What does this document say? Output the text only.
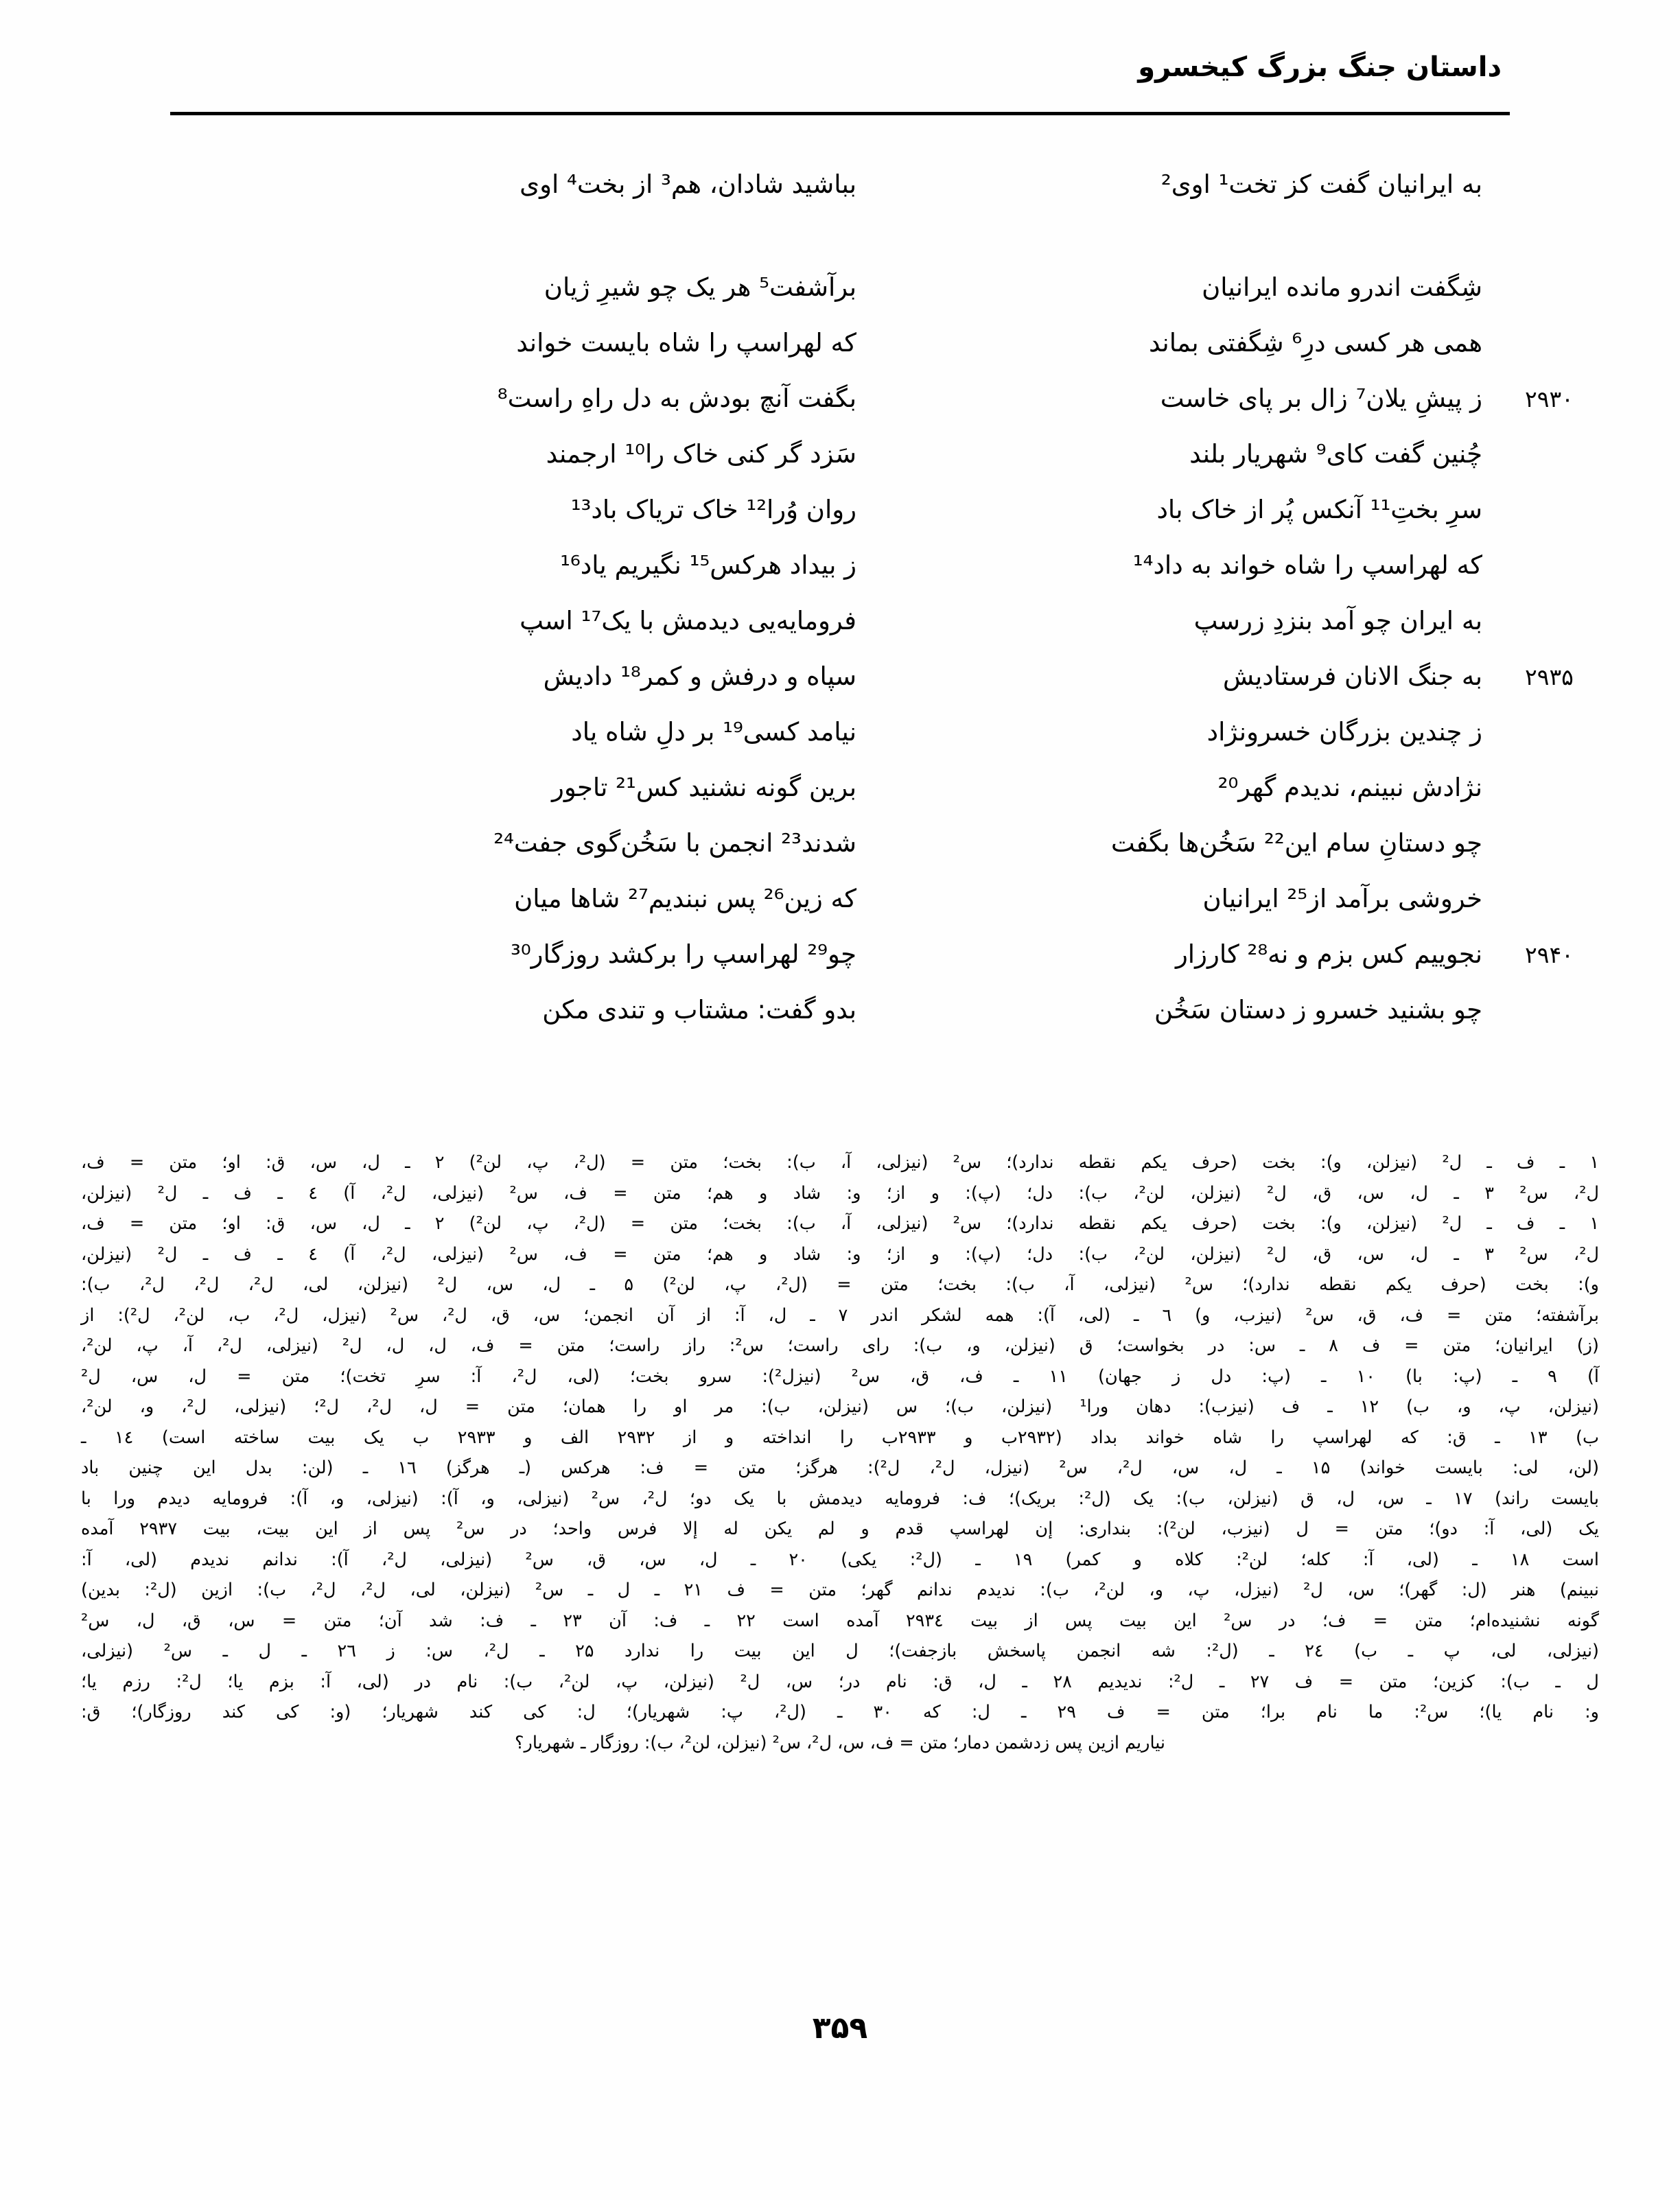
داستان جنگ بزرگ کیخسرو
به ایرانیان گفت کز تخت¹ اوی²
بباشید شادان، هم³ از بخت⁴ اوی
شِگفت اندرو مانده ایرانیان
برآشفت⁵ هر یک چو شیرِ ژیان
همی هر کسی درِ⁶ شِگفتی بماند
که لهراسپ را شاه بایست خواند
۲۹۳۰
ز پیشِ یلان⁷ زال بر پای خاست
بگفت آنچ بودش به دل راهِ راست⁸
چُنین گفت کای⁹ شهریار بلند
سَزد گر کنی خاک را¹⁰ ارجمند
سرِ بختِ¹¹ آنکس پُر از خاک باد
روان وُرا¹² خاک تریاک باد¹³
که لهراسپ را شاه خواند به داد¹⁴
ز بیداد هرکس¹⁵ نگیریم یاد¹⁶
به ایران چو آمد بنزدِ زرسپ
فرومایه‌یی دیدمش با یک¹⁷ اسپ
۲۹۳۵
به جنگ الانان فرستادیش
سپاه و درفش و کمر¹⁸ دادیش
ز چندین بزرگان خسرونژاد
نیامد کسی¹⁹ بر دلِ شاه یاد
نژادش نبینم، ندیدم گهر²⁰
برین گونه نشنید کس²¹ تاجور
چو دستانِ سام این²² سَخُن‌ها بگفت
شدند²³ انجمن با سَخُن‌گوی جفت²⁴
خروشی برآمد از²⁵ ایرانیان
که زین²⁶ پس نبندیم²⁷ شاها میان
۲۹۴۰
نجوییم کس بزم و نه²⁸ کارزار
چو²⁹ لهراسپ را برکشد روزگار³⁰
چو بشنید خسرو ز دستان سَخُن
بدو گفت: مشتاب و تندی مکن

۱ ـ ف ـ ل² (نیزلن، و): بخت (حرف یکم نقطه ندارد)؛ س² (نیزلی، آ، ب): بخت؛ متن = (ل²، پ، لن²) ۲ ـ ل، س، ق: او؛ متن = ف،

ل²، س² ۳ ـ ل، س، ق، ل² (نیزلن، لن²، ب): دل؛ (پ): و از؛ و: شاد و هم؛ متن = ف، س² (نیزلی، ل²، آ) ٤ ـ ف ـ ل² (نیزلن،

۱ ـ ف ـ ل² (نیزلن، و): بخت (حرف یکم نقطه ندارد)؛ س² (نیزلی، آ، ب): بخت؛ متن = (ل²، پ، لن²) ۲ ـ ل، س، ق: او؛ متن = ف،

ل²، س² ۳ ـ ل، س، ق، ل² (نیزلن، لن²، ب): دل؛ (پ): و از؛ و: شاد و هم؛ متن = ف، س² (نیزلی، ل²، آ) ٤ ـ ف ـ ل² (نیزلن،

و): بخت (حرف یکم نقطه ندارد)؛ س² (نیزلی، آ، ب): بخت؛ متن = (ل²، پ، لن²) ۵ ـ ل، س، ل² (نیزلن، لی، ل²، ل²، ل²، ب):

برآشفته؛ متن = ف، ق، س² (نیزب، و) ٦ ـ (لی، آ): همه لشکر اندر ۷ ـ ل، آ: از آن انجمن؛ س، ق، ل²، س² (نیزل، ل²، ب، لن²، ل²): از

(ز) ایرانیان؛ متن = ف ۸ ـ س: در بخواست؛ ق (نیزلن، و، ب): رای راست؛ س²: راز راست؛ متن = ف، ل، ل، ل² (نیزلی، ل²، آ، پ، لن²،

آ) ۹ ـ (پ: با) ۱۰ ـ (پ: دل ز جهان) ۱۱ ـ ف، ق، س² (نیزل²): سرو بخت؛ (لی، ل²، آ: سرِ تخت)؛ متن = ل، س، ل²

(نیزلن، پ، و، ب) ۱۲ ـ ف (نیزب): دهان ورا¹ (نیزلن، ب)؛ س (نیزلن، ب): مر او را همان؛ متن = ل، ل²، ل²؛ (نیزلی، ل²، و، لن²،

ب) ۱۳ ـ ق: که لهراسپ را شاه خواند بداد (۲۹۳۲ب و ۲۹۳۳ب را انداخته و از ۲۹۳۲ الف و ۲۹۳۳ ب یک بیت ساخته است) ۱٤ ـ

(لن، لی: بایست خواند) ۱۵ ـ ل، س، ل²، س² (نیزل، ل²، ل²): هرگز؛ متن = ف: هرکس (ـ هرگز) ۱٦ ـ (لن: بدل این چنین باد

بایست راند) ۱۷ ـ س، ل، ق (نیزلن، ب): یک (ل²: بریک)؛ ف: فرومایه دیدمش با یک دو؛ ل²، س² (نیزلی، و، آ): (نیزلی، و، آ): فرومایه دیدم ورا با

یک (لی، آ: دو)؛ متن = ل (نیزب، لن²): بنداری: إن لهراسپ قدم و لم یکن له إلا فرس واحد؛ در س² پس از این بیت، بیت ۲۹۳۷ آمده

است ۱۸ ـ (لی، آ: کله؛ لن²: کلاه و کمر) ۱۹ ـ (ل²: یکی) ۲۰ ـ ل، س، ق، س² (نیزلی، ل²، آ): ندانم ندیدم (لی، آ:

نبینم) هنر (ل: گهر)؛ س، ل² (نیزل، پ، و، لن²، ب): ندیدم ندانم گهر؛ متن = ف ۲۱ ـ ل ـ س² (نیزلن، لی، ل²، ل²، ب): ازین (ل²: بدین)

گونه نشنیده‌ام؛ متن = ف؛ در س² این بیت پس از بیت ۲۹۳٤ آمده است ۲۲ ـ ف: آن ۲۳ ـ ف: شد آن؛ متن = س، ق، ل، س²

(نیزلی، لی، پ ـ ب) ۲٤ ـ (ل²: شه انجمن پاسخش بازجفت)؛ ل این بیت را ندارد ۲۵ ـ ل²، س: ز ۲٦ ـ ل ـ س² (نیزلی،

ل ـ ب): کزین؛ متن = ف ۲۷ ـ ل²: ندیدیم ۲۸ ـ ل، ق: نام در؛ س، ل² (نیزلن، پ، لن²، ب): نام در (لی، آ: بزم یا؛ ل²: رزم یا؛

و: نام یا)؛ س²: ما نام برا؛ متن = ف ۲۹ ـ ل: که ۳۰ ـ (ل²، پ: شهریار)؛ ل: کی کند شهریار؛ (و: کی کند روزگار)؛ ق:

نیاریم ازین پس زدشمن دمار؛ متن = ف، س، ل²، س² (نیزلن، لن²، ب): روزگار ـ شهریار؟

۳۵۹
